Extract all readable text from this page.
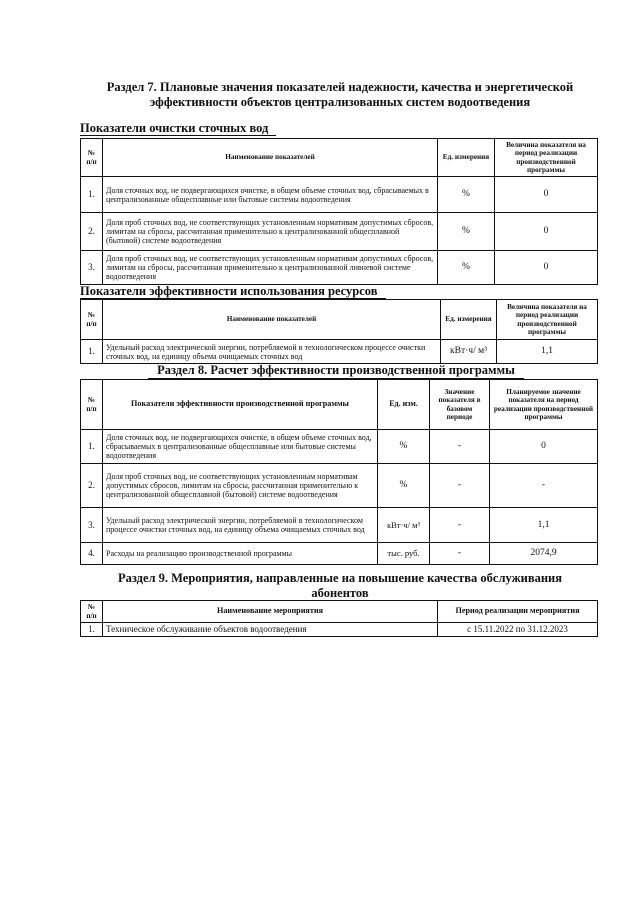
Раздел 7. Плановые значения показателей надежности, качества и энергетической
эффективности объектов централизованных систем водоотведения
Показатели очистки сточных вод
№ п/п	Наименование показателей	Ед. измерения	Величина показателя на период реализации производственной программы
1.	Доля сточных вод, не подвергающихся очистке, в общем объеме сточных вод, сбрасываемых в централизованные общесплавные или бытовые системы водоотведения	%	0
2.	Доля проб сточных вод, не соответствующих установленным нормативам допустимых сбросов, лимитам на сбросы, рассчитанная применительно к централизованной общесплавной (бытовой) системе водоотведения	%	0
3.	Доля проб сточных вод, не соответствующих установленным нормативам допустимых сбросов, лимитам на сбросы, рассчитанная применительно к централизованной ливневой системе водоотведения	%	0
Показатели эффективности использования ресурсов
№ п/п	Наименование показателей	Ед. измерения	Величина показателя на период реализации производственной программы
1.	Удельный расход электрической энергии, потребляемой в технологическом процессе очистки сточных вод, на единицу объема очищаемых сточных вод	кВт·ч/ м³	1,1
Раздел 8. Расчет эффективности производственной программы
№ п/п	Показатели эффективности производственной программы	Ед. изм.	Значение показателя в базовом периоде	Планируемое значение показателя на период реализации производственной программы
1.	Доля сточных вод, не подвергающихся очистке, в общем объеме сточных вод, сбрасываемых в централизованные общесплавные или бытовые системы водоотведения	%	-	0
2.	Доля проб сточных вод, не соответствующих установленным нормативам допустимых сбросов, лимитам на сбросы, рассчитанная применительно к централизованной общесплавной (бытовой) системе водоотведения	%	-	-
3.	Удельный расход электрической энергии, потребляемой в технологическом процессе очистки сточных вод, на единицу объема очищаемых сточных вод	кВт·ч/ м³	-	1,1
4.	Расходы на реализацию производственной программы	тыс. руб.	-	2074,9
Раздел 9. Мероприятия, направленные на повышение качества обслуживания
абонентов
№ п/п	Наименование мероприятия	Период реализации мероприятия
1.	Техническое обслуживание объектов водоотведения	с 15.11.2022 по 31.12.2023
